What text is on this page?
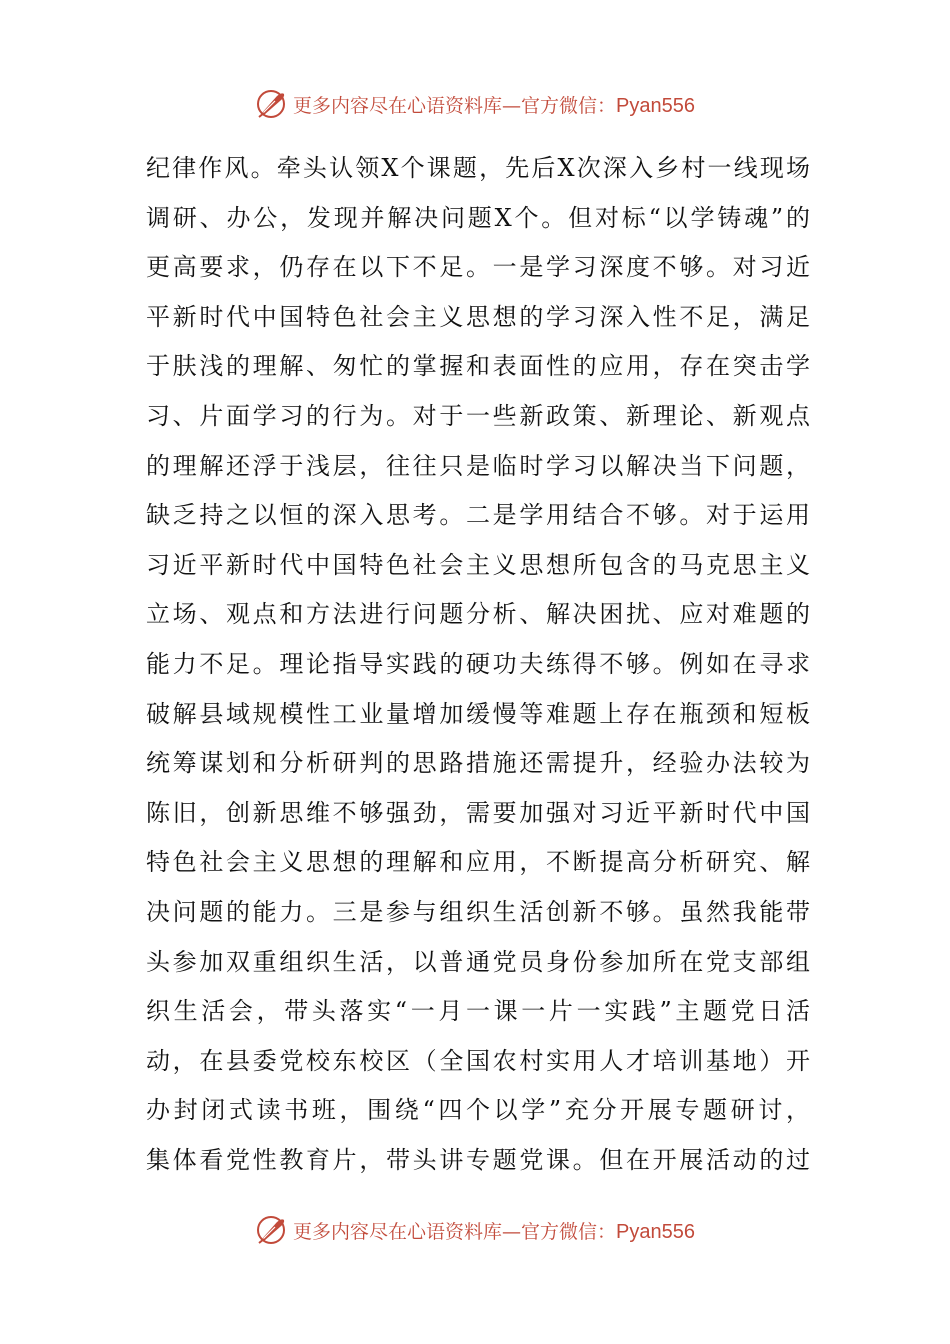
更多内容尽在心语资料库—官方微信：Pyan556
纪律作风。牵头认领X个课题，先后X次深入乡村一线现场
调研、办公，发现并解决问题X个。但对标“以学铸魂”的
更高要求，仍存在以下不足。一是学习深度不够。对习近
平新时代中国特色社会主义思想的学习深入性不足，满足
于肤浅的理解、匆忙的掌握和表面性的应用，存在突击学
习、片面学习的行为。对于一些新政策、新理论、新观点
的理解还浮于浅层，往往只是临时学习以解决当下问题，
缺乏持之以恒的深入思考。二是学用结合不够。对于运用
习近平新时代中国特色社会主义思想所包含的马克思主义
立场、观点和方法进行问题分析、解决困扰、应对难题的
能力不足。理论指导实践的硬功夫练得不够。例如在寻求
破解县域规模性工业量增加缓慢等难题上存在瓶颈和短板
统筹谋划和分析研判的思路措施还需提升，经验办法较为
陈旧，创新思维不够强劲，需要加强对习近平新时代中国
特色社会主义思想的理解和应用，不断提高分析研究、解
决问题的能力。三是参与组织生活创新不够。虽然我能带
头参加双重组织生活，以普通党员身份参加所在党支部组
织生活会，带头落实“一月一课一片一实践”主题党日活
动，在县委党校东校区（全国农村实用人才培训基地）开
办封闭式读书班，围绕“四个以学”充分开展专题研讨，
集体看党性教育片，带头讲专题党课。但在开展活动的过
更多内容尽在心语资料库—官方微信：Pyan556
